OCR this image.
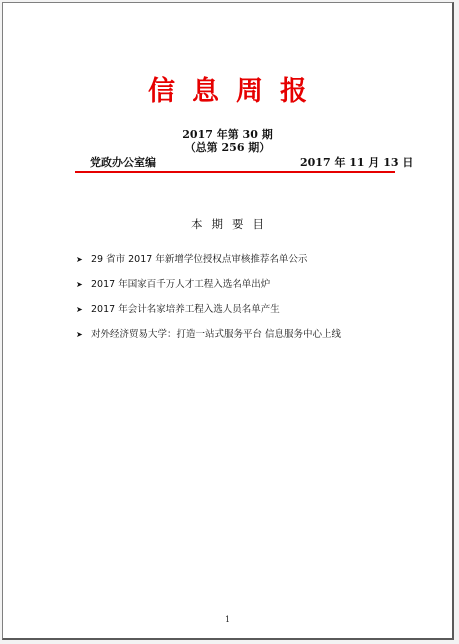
信息周报
2017 年第 30 期
（总第 256 期）
党政办公室编	2017 年 11 月 13 日
本期要目
➤ 29 省市 2017 年新增学位授权点审核推荐名单公示
➤ 2017 年国家百千万人才工程入选名单出炉
➤ 2017 年会计名家培养工程入选人员名单产生
➤ 对外经济贸易大学：打造一站式服务平台 信息服务中心上线
1
